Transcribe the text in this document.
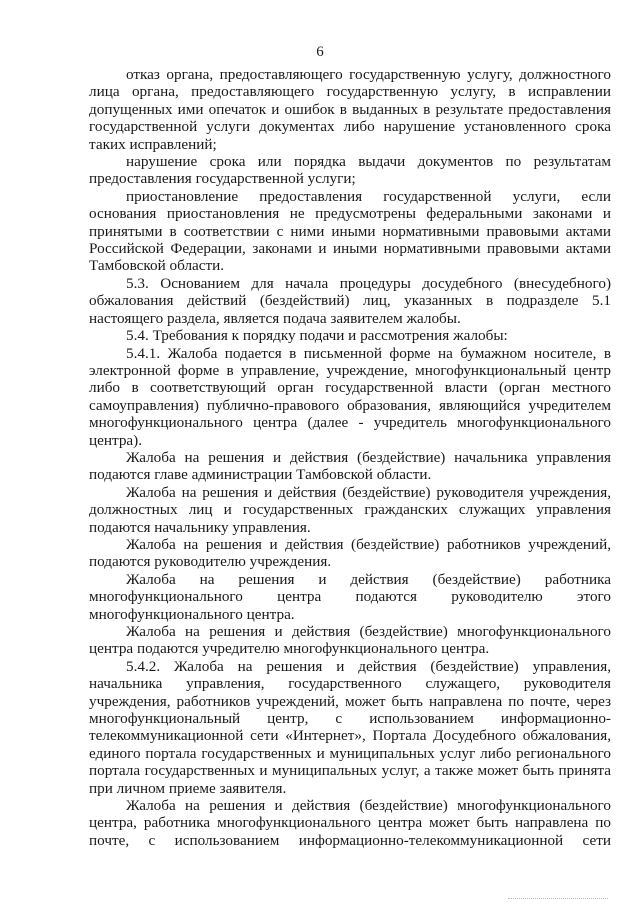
6

отказ органа, предоставляющего государственную услугу, должностного лица органа, предоставляющего государственную услугу, в исправлении допущенных ими опечаток и ошибок в выданных в результате предоставления государственной услуги документах либо нарушение установленного срока таких исправлений;

нарушение срока или порядка выдачи документов по результатам предоставления государственной услуги;

приостановление предоставления государственной услуги, если основания приостановления не предусмотрены федеральными законами и принятыми в соответствии с ними иными нормативными правовыми актами Российской Федерации, законами и иными нормативными правовыми актами Тамбовской области.

5.3. Основанием для начала процедуры досудебного (внесудебного) обжалования действий (бездействий) лиц, указанных в подразделе 5.1 настоящего раздела, является подача заявителем жалобы.

5.4. Требования к порядку подачи и рассмотрения жалобы:

5.4.1. Жалоба подается в письменной форме на бумажном носителе, в электронной форме в управление, учреждение, многофункциональный центр либо в соответствующий орган государственной власти (орган местного самоуправления) публично-правового образования, являющийся учредителем многофункционального центра (далее - учредитель многофункционального центра).

Жалоба на решения и действия (бездействие) начальника управления подаются главе администрации Тамбовской области.

Жалоба на решения и действия (бездействие) руководителя учреждения, должностных лиц и государственных гражданских служащих управления подаются начальнику управления.

Жалоба на решения и действия (бездействие) работников учреждений, подаются руководителю учреждения.

Жалоба на решения и действия (бездействие) работника многофункционального центра подаются руководителю этого многофункционального центра.

Жалоба на решения и действия (бездействие) многофункционального центра подаются учредителю многофункционального центра.

5.4.2. Жалоба на решения и действия (бездействие) управления, начальника управления, государственного служащего, руководителя учреждения, работников учреждений, может быть направлена по почте, через многофункциональный центр, с использованием информационно-телекоммуникационной сети «Интернет», Портала Досудебного обжалования, единого портала государственных и муниципальных услуг либо регионального портала государственных и муниципальных услуг, а также может быть принята при личном приеме заявителя.

Жалоба на решения и действия (бездействие) многофункционального центра, работника многофункционального центра может быть направлена по почте, с использованием информационно-телекоммуникационной сети
